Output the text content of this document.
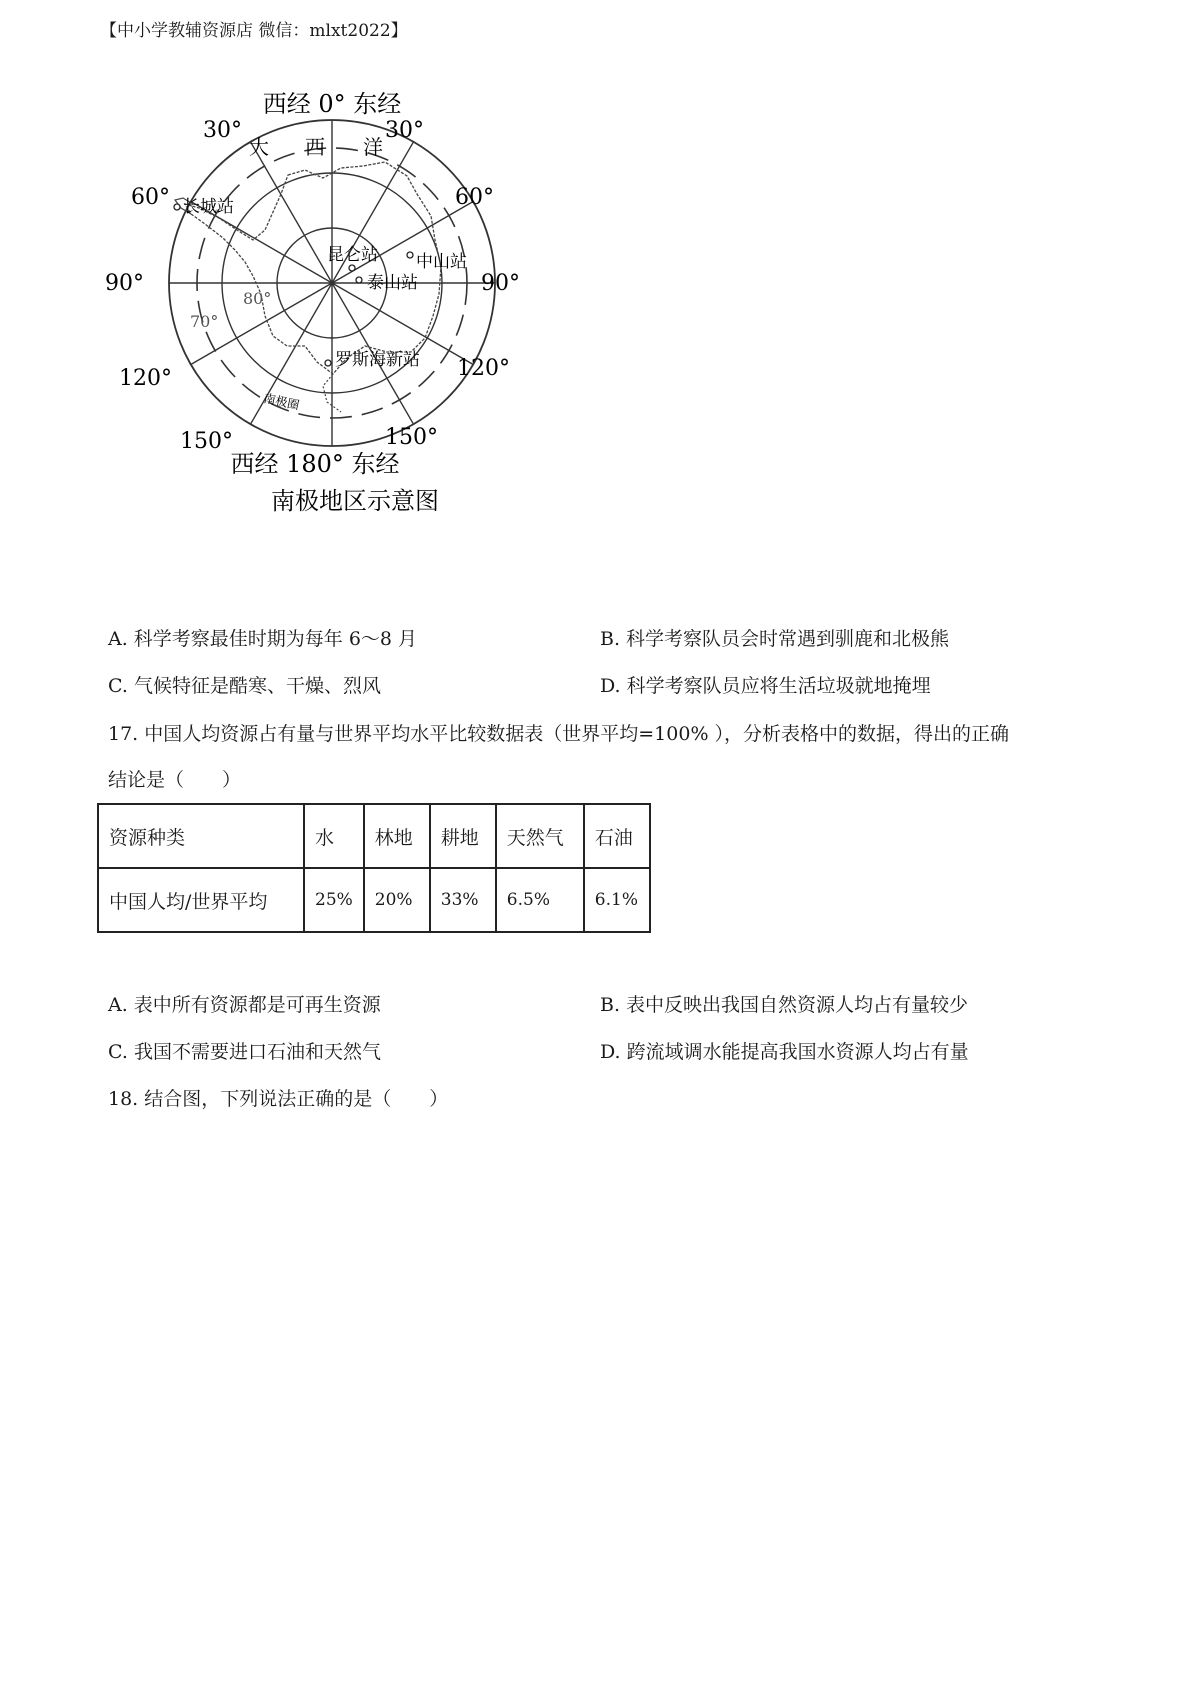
【中小学教辅资源店 微信：mlxt2022】
西经 0° 东经
30°	30°
60°	60°
90°	90°
120°	120°
150°	150°
西经 180° 东经
南极地区示意图
80°
70°
大 西 洋
南极圈
长城站
昆仑站 中山站
泰山站
罗斯海新站
A. 科学考察最佳时期为每年 6～8 月	B. 科学考察队员会时常遇到驯鹿和北极熊
C. 气候特征是酷寒、干燥、烈风	D. 科学考察队员应将生活垃圾就地掩埋
17. 中国人均资源占有量与世界平均水平比较数据表（世界平均=100% ），分析表格中的数据，得出的正确
结论是（　　）
资源种类	水	林地	耕地	天然气	石油
中国人均/世界平均	25%	20%	33%	6.5%	6.1%
A. 表中所有资源都是可再生资源	B. 表中反映出我国自然资源人均占有量较少
C. 我国不需要进口石油和天然气	D. 跨流域调水能提高我国水资源人均占有量
18. 结合图，下列说法正确的是（　　）
